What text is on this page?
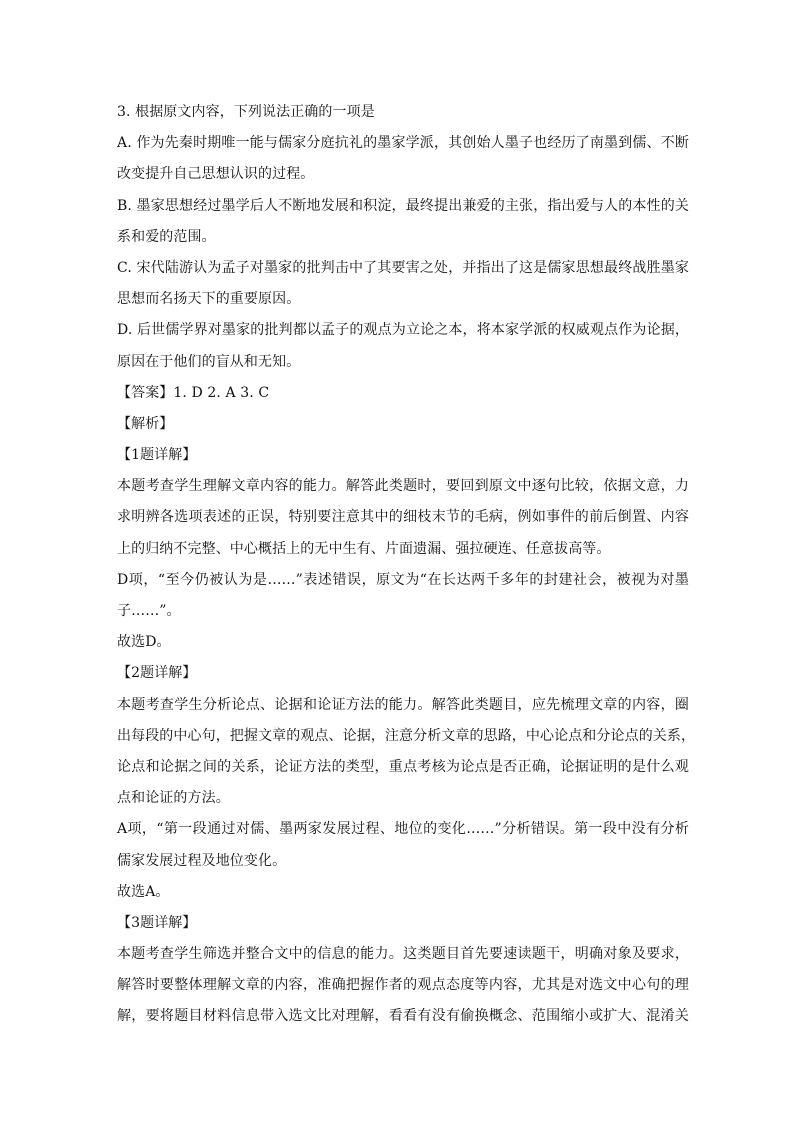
3. 根据原文内容，下列说法正确的一项是
A. 作为先秦时期唯一能与儒家分庭抗礼的墨家学派，其创始人墨子也经历了南墨到儒、不断
改变提升自己思想认识的过程。
B. 墨家思想经过墨学后人不断地发展和积淀，最终提出兼爱的主张，指出爱与人的本性的关
系和爱的范围。
C. 宋代陆游认为孟子对墨家的批判击中了其要害之处，并指出了这是儒家思想最终战胜墨家
思想而名扬天下的重要原因。
D. 后世儒学界对墨家的批判都以孟子的观点为立论之本，将本家学派的权威观点作为论据，
原因在于他们的盲从和无知。
【答案】1. D 2. A 3. C
【解析】
【1题详解】
本题考查学生理解文章内容的能力。解答此类题时，要回到原文中逐句比较，依据文意，力
求明辨各选项表述的正误，特别要注意其中的细枝末节的毛病，例如事件的前后倒置、内容
上的归纳不完整、中心概括上的无中生有、片面遗漏、强拉硬连、任意拔高等。
D项，“至今仍被认为是……”表述错误，原文为“在长达两千多年的封建社会，被视为对墨
子……”。
故选D。
【2题详解】
本题考查学生分析论点、论据和论证方法的能力。解答此类题目，应先梳理文章的内容，圈
出每段的中心句，把握文章的观点、论据，注意分析文章的思路，中心论点和分论点的关系，
论点和论据之间的关系，论证方法的类型，重点考核为论点是否正确，论据证明的是什么观
点和论证的方法。
A项，“第一段通过对儒、墨两家发展过程、地位的变化……”分析错误。第一段中没有分析
儒家发展过程及地位变化。
故选A。
【3题详解】
本题考查学生筛选并整合文中的信息的能力。这类题目首先要速读题干，明确对象及要求，
解答时要整体理解文章的内容，准确把握作者的观点态度等内容，尤其是对选文中心句的理
解，要将题目材料信息带入选文比对理解，看看有没有偷换概念、范围缩小或扩大、混淆关
